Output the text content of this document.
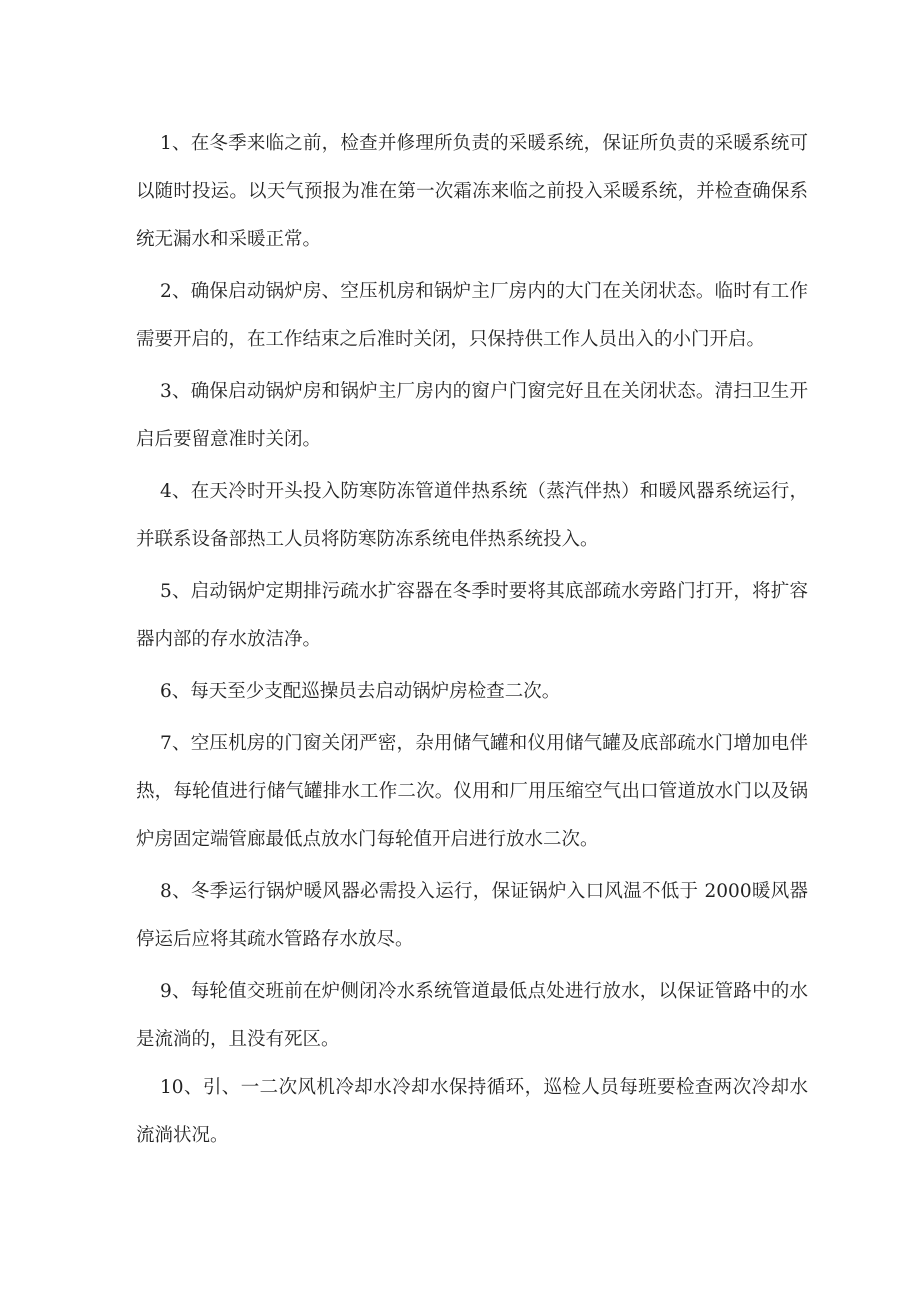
1、在冬季来临之前，检查并修理所负责的采暖系统，保证所负责的采暖系统可以随时投运。以天气预报为准在第一次霜冻来临之前投入采暖系统，并检查确保系统无漏水和采暖正常。

2、确保启动锅炉房、空压机房和锅炉主厂房内的大门在关闭状态。临时有工作需要开启的，在工作结束之后准时关闭，只保持供工作人员出入的小门开启。

3、确保启动锅炉房和锅炉主厂房内的窗户门窗完好且在关闭状态。清扫卫生开启后要留意准时关闭。

4、在天冷时开头投入防寒防冻管道伴热系统（蒸汽伴热）和暖风器系统运行，并联系设备部热工人员将防寒防冻系统电伴热系统投入。

5、启动锅炉定期排污疏水扩容器在冬季时要将其底部疏水旁路门打开，将扩容器内部的存水放洁净。

6、每天至少支配巡操员去启动锅炉房检查二次。

7、空压机房的门窗关闭严密，杂用储气罐和仪用储气罐及底部疏水门增加电伴热，每轮值进行储气罐排水工作二次。仪用和厂用压缩空气出口管道放水门以及锅炉房固定端管廊最低点放水门每轮值开启进行放水二次。

8、冬季运行锅炉暖风器必需投入运行，保证锅炉入口风温不低于 2000暖风器停运后应将其疏水管路存水放尽。

9、每轮值交班前在炉侧闭冷水系统管道最低点处进行放水，以保证管路中的水是流淌的，且没有死区。

10、引、一二次风机冷却水冷却水保持循环，巡检人员每班要检查两次冷却水流淌状况。
